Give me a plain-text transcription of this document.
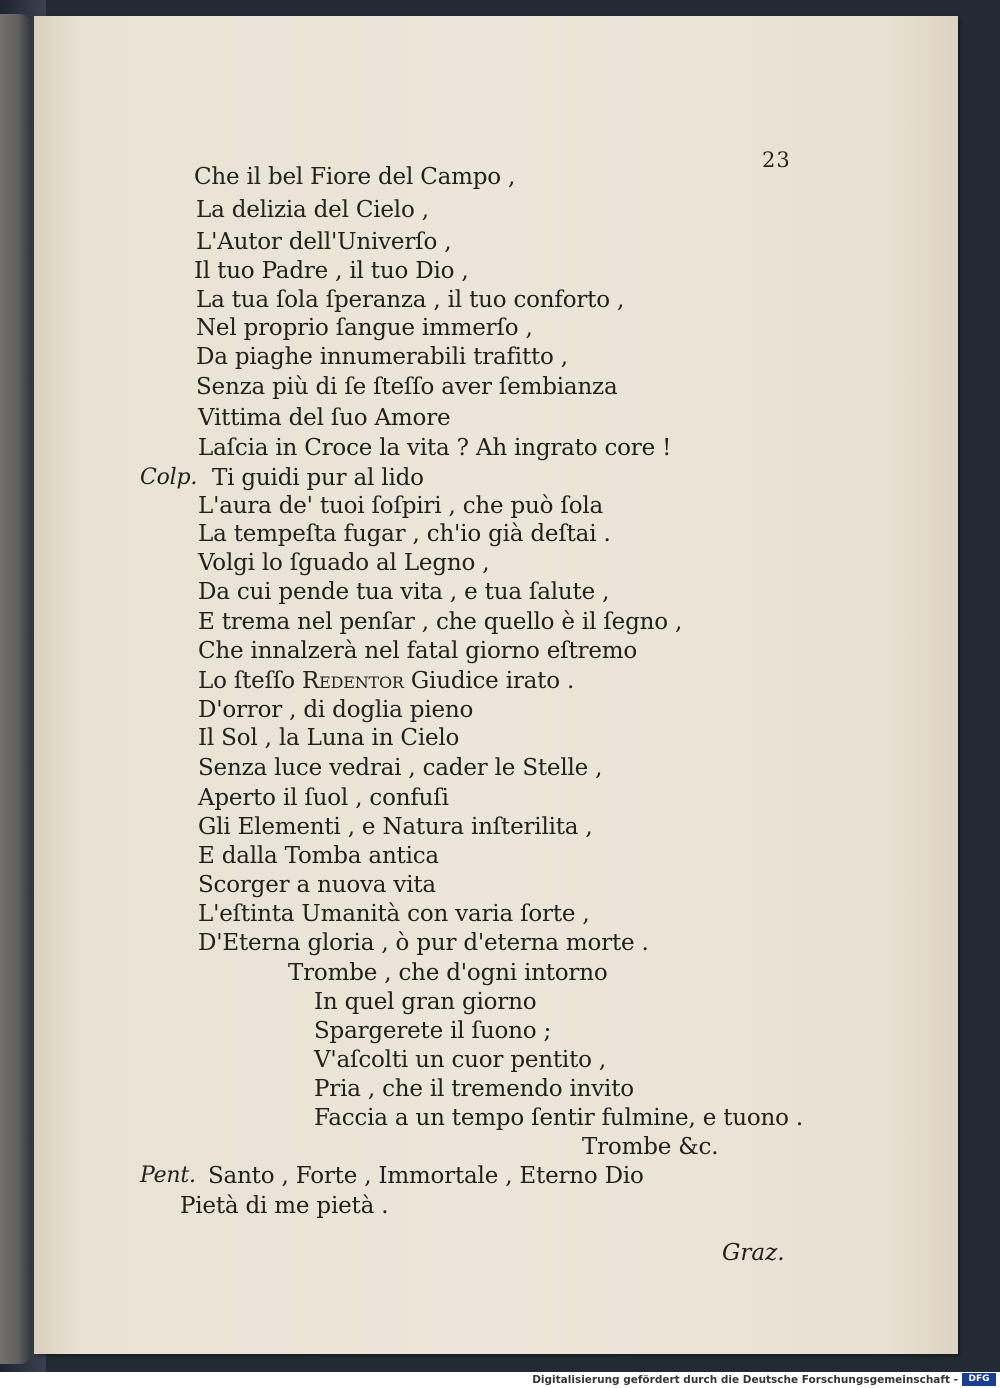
23
Che il bel Fiore del Campo ,
La delizia del Cielo ,
L'Autor dell'Univerſo ,
Il tuo Padre , il tuo Dio ,
La tua ſola ſperanza , il tuo conforto ,
Nel proprio ſangue immerſo ,
Da piaghe innumerabili trafitto ,
Senza più di ſe ſteſſo aver ſembianza
Vittima del ſuo Amore
Laſcia in Croce la vita ? Ah ingrato core !
Colp. Ti guidi pur al lido
L'aura de' tuoi ſoſpiri , che può ſola
La tempeſta fugar , ch'io già deſtai .
Volgi lo ſguado al Legno ,
Da cui pende tua vita , e tua ſalute ,
E trema nel penſar , che quello è il ſegno ,
Che innalzerà nel fatal giorno eſtremo
Lo ſteſſo Redentor Giudice irato .
D'orror , di doglia pieno
Il Sol , la Luna in Cielo
Senza luce vedrai , cader le Stelle ,
Aperto il ſuol , confuſi
Gli Elementi , e Natura inſterilita ,
E dalla Tomba antica
Scorger a nuova vita
L'eſtinta Umanità con varia ſorte ,
D'Eterna gloria , ò pur d'eterna morte .
Trombe , che d'ogni intorno
In quel gran giorno
Spargerete il ſuono ;
V'aſcolti un cuor pentito ,
Pria , che il tremendo invito
Faccia a un tempo ſentir fulmine, e tuono .
Trombe &c.
Pent. Santo , Forte , Immortale , Eterno Dio
Pietà di me pietà .
Graz.
Digitalisierung gefördert durch die Deutsche Forschungsgemeinschaft -	DFG
